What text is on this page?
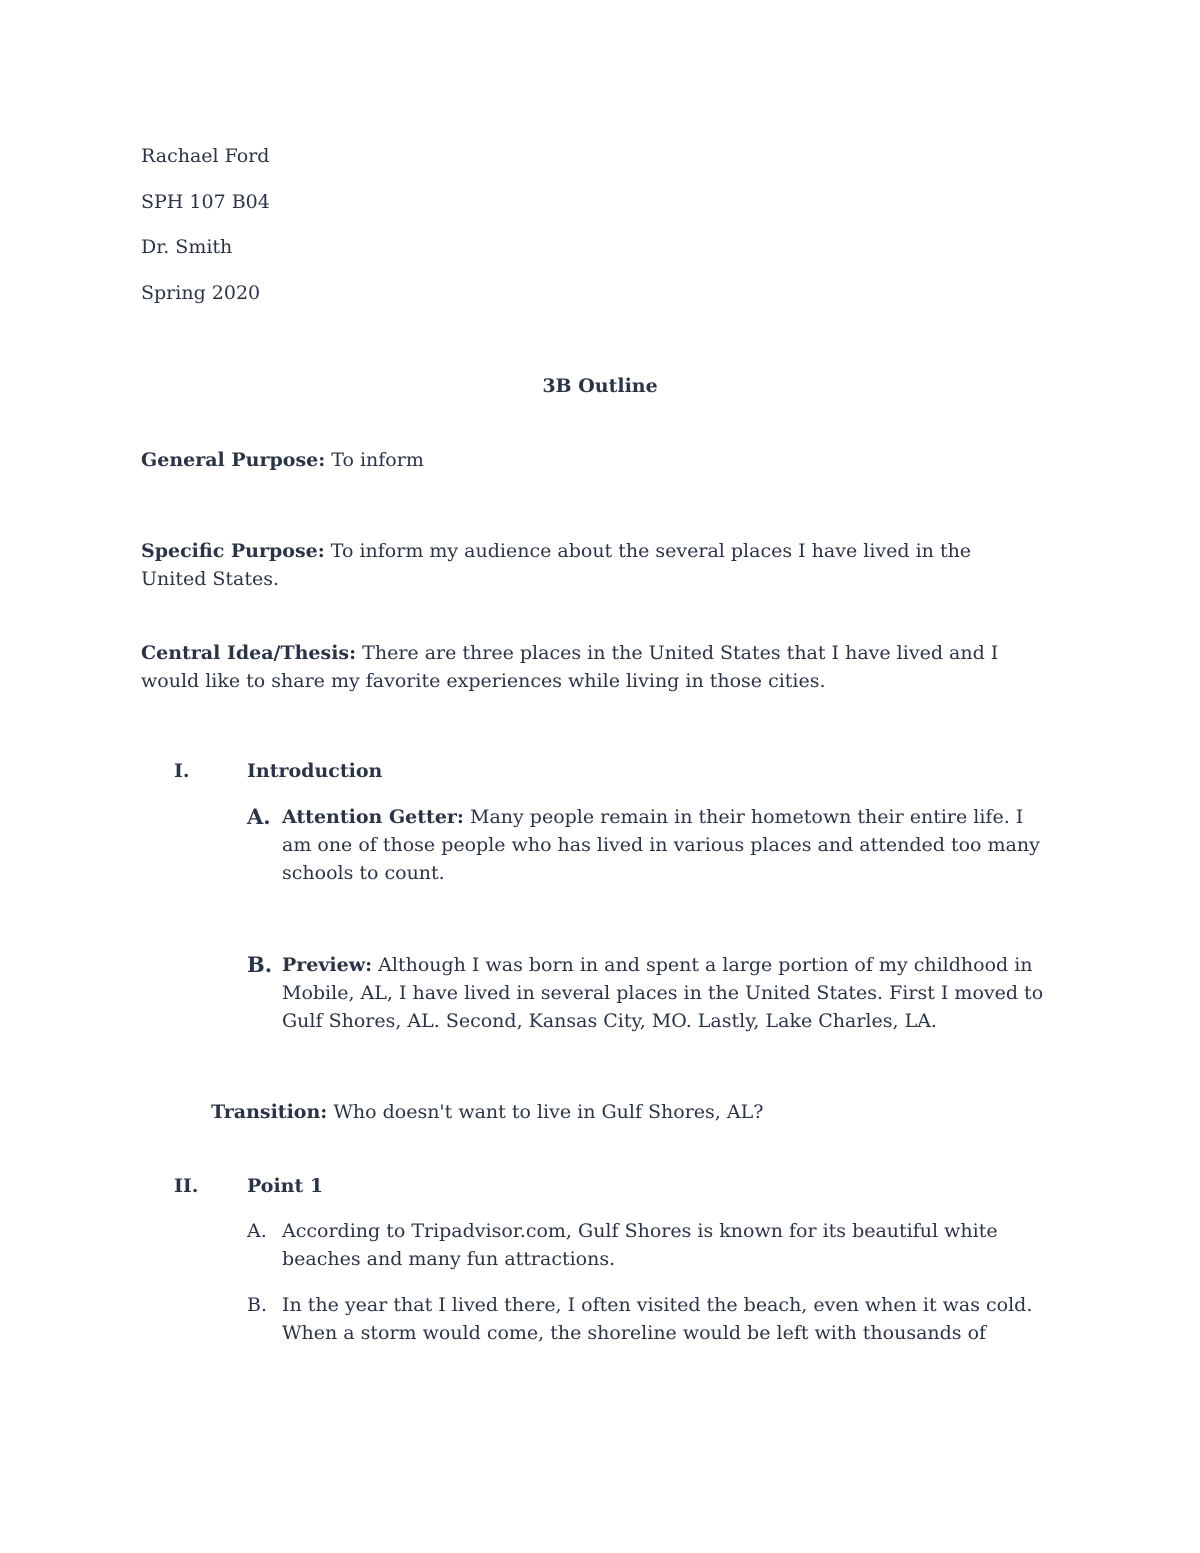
Rachael Ford
SPH 107 B04
Dr. Smith
Spring 2020
3B Outline
General Purpose: To inform
Specific Purpose: To inform my audience about the several places I have lived in the United States.
Central Idea/Thesis: There are three places in the United States that I have lived and I would like to share my favorite experiences while living in those cities.
I.	Introduction
A. Attention Getter: Many people remain in their hometown their entire life. I am one of those people who has lived in various places and attended too many schools to count.
B. Preview: Although I was born in and spent a large portion of my childhood in Mobile, AL, I have lived in several places in the United States. First I moved to Gulf Shores, AL. Second, Kansas City, MO. Lastly, Lake Charles, LA.
Transition: Who doesn't want to live in Gulf Shores, AL?
II.	Point 1
A. According to Tripadvisor.com, Gulf Shores is known for its beautiful white beaches and many fun attractions.
B. In the year that I lived there, I often visited the beach, even when it was cold. When a storm would come, the shoreline would be left with thousands of
